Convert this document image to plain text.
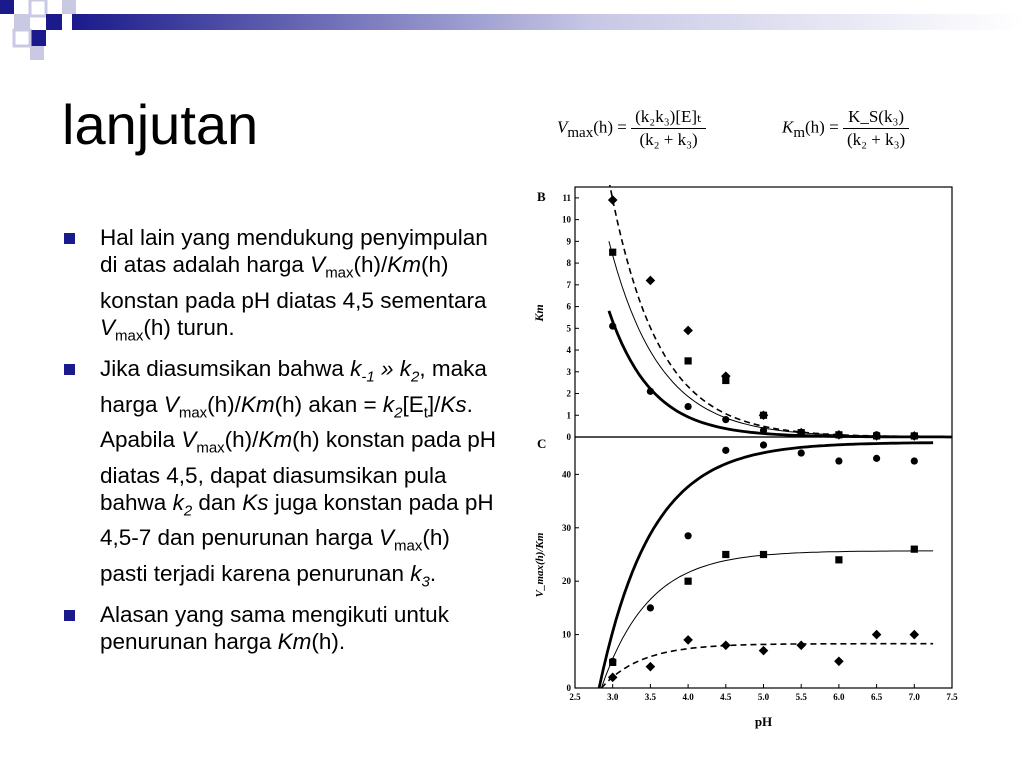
lanjutan	$V_{max}(h) = \frac{\text{(k₂k₃)[E]ₜ}}{\text{(k₂ + k₃)}}$	$K_m(h) = \frac{\text{K\_S(k₃)}}{\text{(k₂ + k₃)}}$
Hal lain yang mendukung penyimpulan di atas adalah harga $V_{max}(h)/Km(h)$ konstan pada pH diatas 4,5 sementara $V_{max}(h)$ turun.
Jika diasumsikan bahwa $k_{-1}$ » $k_2$, maka harga $V_{max}(h)/Km(h)$ akan = $k_2[E_t]/Ks$. Apabila $V_{max}(h)/Km(h)$ konstan pada pH diatas 4,5, dapat diasumsikan pula bahwa $k_2$ dan Ks juga konstan pada pH 4,5-7 dan penurunan harga $V_{max}(h)$ pasti terjadi karena penurunan $k_3$.
Alasan yang sama mengikuti untuk penurunan harga Km(h).
B
C 0
1
2
3
4
5
6
7
8
9
10
11
0
10
20
30
40
2.5	3.0	3.5	4.0	4.5	5.0	5.5	6.0	6.5	7.0	7.5
Km
V_max(h)/Km
pH
